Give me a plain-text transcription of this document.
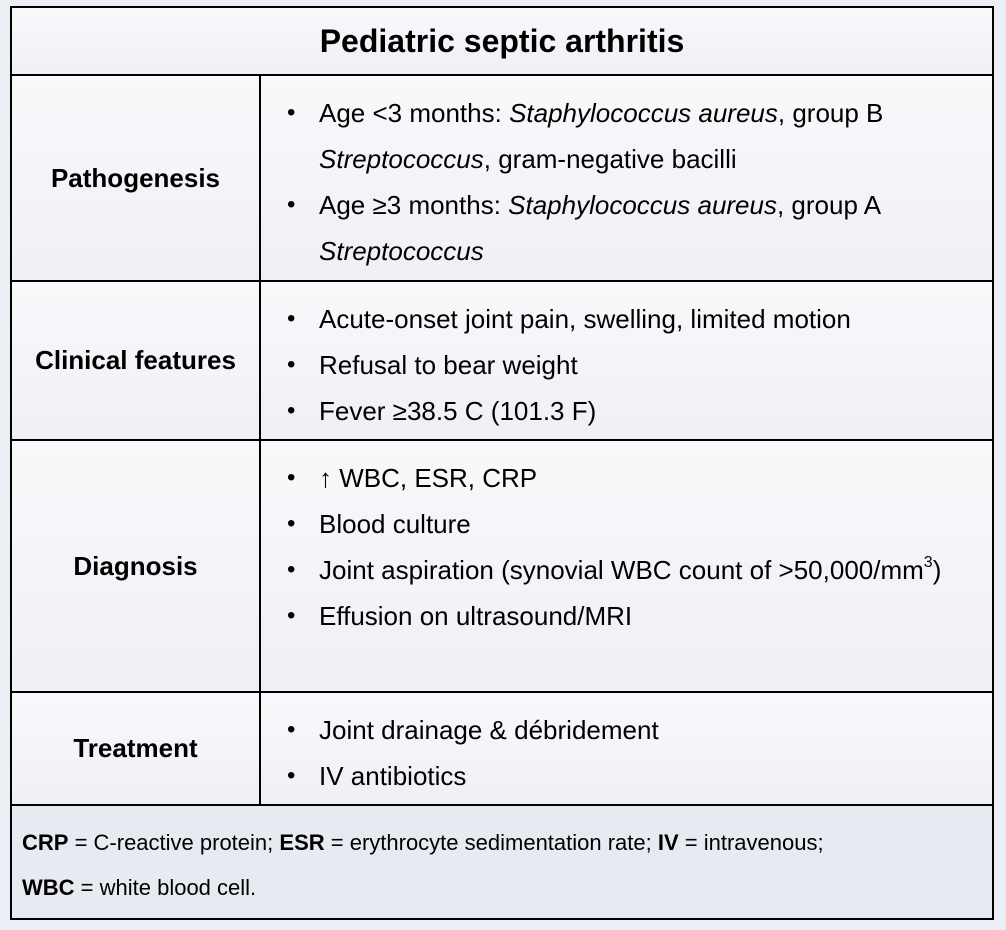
Pediatric septic arthritis
Pathogenesis
• Age <3 months: Staphylococcus aureus, group B Streptococcus, gram-negative bacilli
• Age ≥3 months: Staphylococcus aureus, group A Streptococcus
Clinical features
• Acute-onset joint pain, swelling, limited motion
• Refusal to bear weight
• Fever ≥38.5 C (101.3 F)
Diagnosis
• ↑ WBC, ESR, CRP
• Blood culture
• Joint aspiration (synovial WBC count of $>50,000/mm^3$)
• Effusion on ultrasound/MRI
Treatment
• Joint drainage & débridement
• IV antibiotics
CRP = C-reactive protein; ESR = erythrocyte sedimentation rate; IV = intravenous;
WBC = white blood cell.
